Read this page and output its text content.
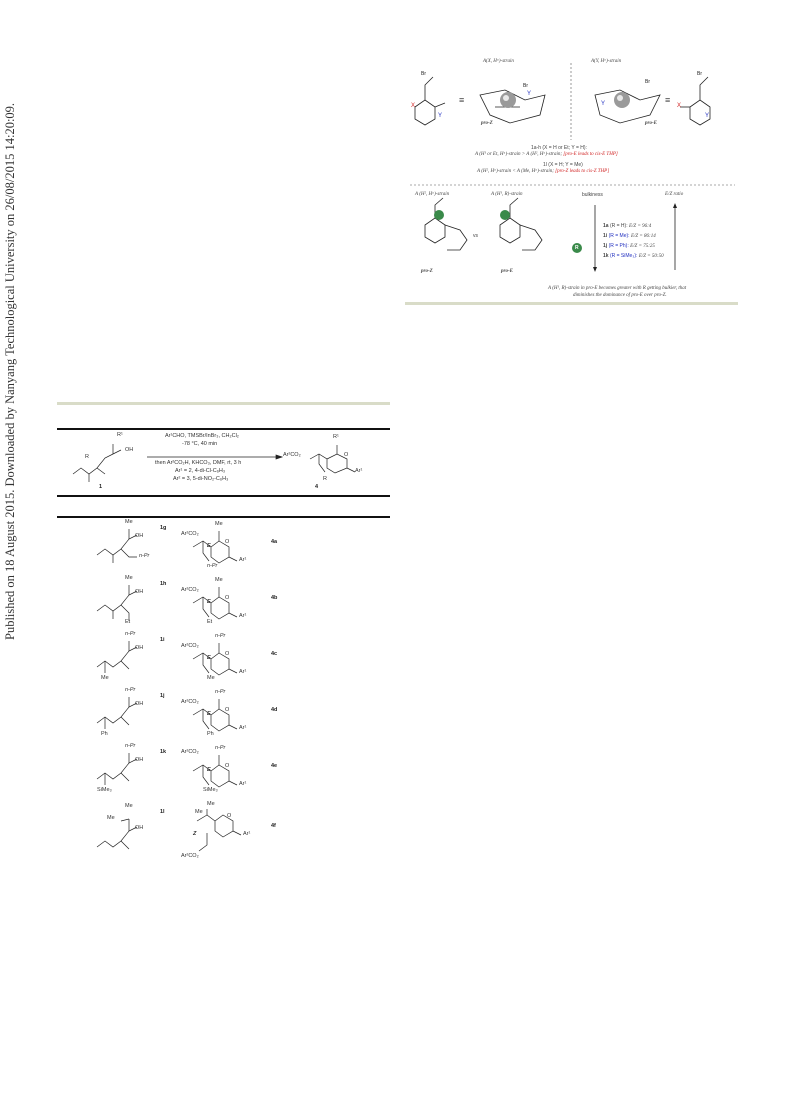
Published on 18 August 2015. Downloaded by Nanyang Technological University on 26/08/2015 14:20:09.	X
Y
Y
Y	X
Y
Br
Br
Br	Br
A(X, Hᵃ)-strain	A(Y, Hᵃ)-strain
≡	≡
pro-Z	pro-E
1a-h (X = H or Et; Y = H):
A (H¹ or Et, Hᵃ)-strain > A (H², Hᵃ)-strain; [pro-E leads to cis-E THP]
1l (X = H; Y = Me)
A (H², Hᵃ)-strain < A (Me, Hᵃ)-strain; [pro-Z leads to cis-Z THP]
A (H², Hᵃ)-strain	A (H¹, R)-strain
vs
bulkiness	E/Z ratio
R
pro-Z	pro-E
1a (R = H): E/Z = 96:4
1i (R = Me): E/Z = 86:14
1j (R = Ph): E/Z = 75:25
1k (R = SiMe₃): E/Z = 50:50
A (H¹, R)-strain in pro-E becomes greater with R getting bulkier, that
diminishes the dominance of pro-E over pro-Z.
R¹
OH
R
1
Ar¹CHO, TMSBr/InBr₃, CH₂Cl₂
-78 °C, 40 min
then Ar²CO₂H, KHCO₃, DMF, rt, 3 h
Ar¹ = 2, 4-di-Cl-C₆H₃
Ar² = 3, 5-di-NO₂-C₆H₃
Ar²CO₂
R¹
O
Ar¹
R
4
Me
OH
n-Pr
1g
Ar²CO₂
Me
O
Ar¹
n-Pr
E
4a
Me
OH
Et
1h
Ar²CO₂
Me
O
Ar¹
Et
E
4b
n-Pr
OH
Me
1i
Ar²CO₂
n-Pr
O
Ar¹
Me
E
4c
n-Pr
OH
Ph
1j
Ar²CO₂
n-Pr
O
Ar¹
Ph
E
4d
n-Pr
OH
SiMe₃
1k	Ar²CO₂
n-Pr
O
Ar¹
SiMe₃
E
4e
Me
OH
Me
1l
Ar²CO₂
Me
O
Ar¹
Me
Z
4f
